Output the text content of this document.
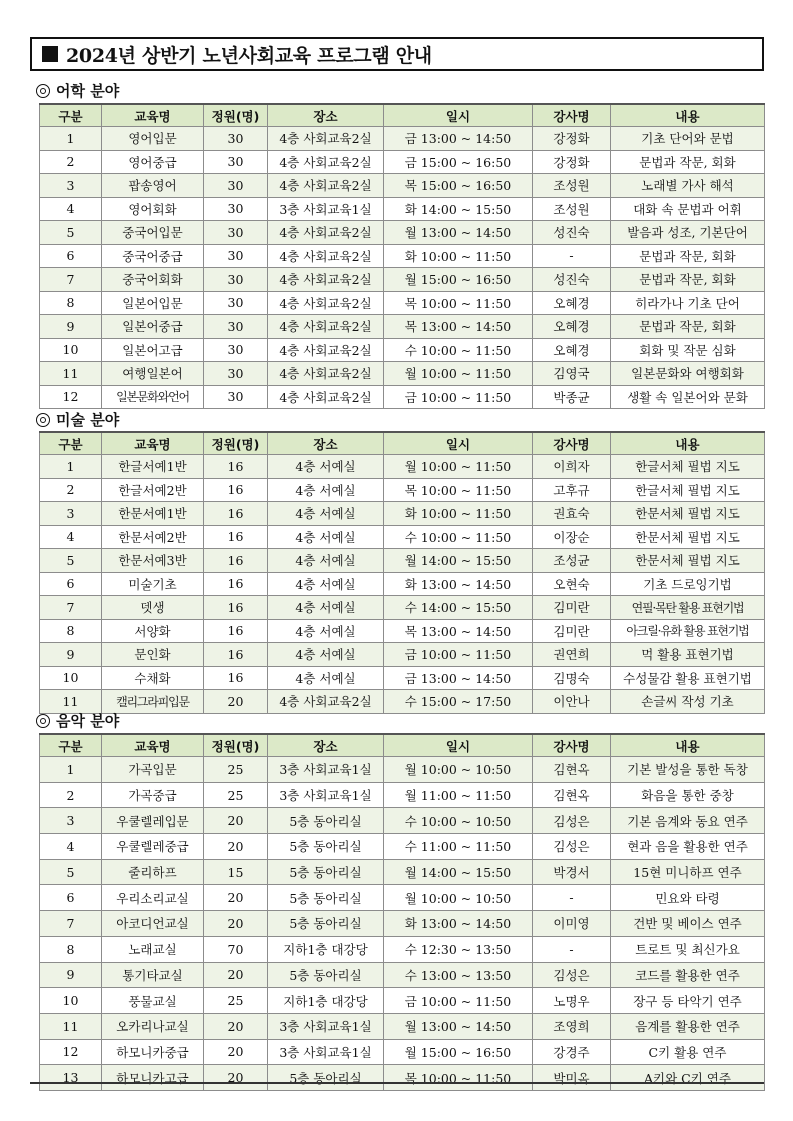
2024년 상반기 노년사회교육 프로그램 안내
어학 분야
구분	교육명	정원(명)	장소	일시	강사명	내용
1	영어입문	30	4층 사회교육2실	금 13:00 ~ 14:50	강정화	기초 단어와 문법
2	영어중급	30	4층 사회교육2실	금 15:00 ~ 16:50	강정화	문법과 작문, 회화
3	팝송영어	30	4층 사회교육2실	목 15:00 ~ 16:50	조성원	노래별 가사 해석
4	영어회화	30	3층 사회교육1실	화 14:00 ~ 15:50	조성원	대화 속 문법과 어휘
5	중국어입문	30	4층 사회교육2실	월 13:00 ~ 14:50	성진숙	발음과 성조, 기본단어
6	중국어중급	30	4층 사회교육2실	화 10:00 ~ 11:50	-	문법과 작문, 회화
7	중국어회화	30	4층 사회교육2실	월 15:00 ~ 16:50	성진숙	문법과 작문, 회화
8	일본어입문	30	4층 사회교육2실	목 10:00 ~ 11:50	오혜경	히라가나 기초 단어
9	일본어중급	30	4층 사회교육2실	목 13:00 ~ 14:50	오혜경	문법과 작문, 회화
10	일본어고급	30	4층 사회교육2실	수 10:00 ~ 11:50	오혜경	회화 및 작문 심화
11	여행일본어	30	4층 사회교육2실	월 10:00 ~ 11:50	김영국	일본문화와 여행회화
12	일본문화와언어	30	4층 사회교육2실	금 10:00 ~ 11:50	박종균	생활 속 일본어와 문화
미술 분야
구분	교육명	정원(명)	장소	일시	강사명	내용
1	한글서예1반	16	4층 서예실	월 10:00 ~ 11:50	이희자	한글서체 필법 지도
2	한글서예2반	16	4층 서예실	목 10:00 ~ 11:50	고후규	한글서체 필법 지도
3	한문서예1반	16	4층 서예실	화 10:00 ~ 11:50	권효숙	한문서체 필법 지도
4	한문서예2반	16	4층 서예실	수 10:00 ~ 11:50	이장순	한문서체 필법 지도
5	한문서예3반	16	4층 서예실	월 14:00 ~ 15:50	조성균	한문서체 필법 지도
6	미술기초	16	4층 서예실	화 13:00 ~ 14:50	오현숙	기초 드로잉기법
7	뎃생	16	4층 서예실	수 14:00 ~ 15:50	김미란	연필·목탄 활용 표현기법
8	서양화	16	4층 서예실	목 13:00 ~ 14:50	김미란	아크릴·유화 활용 표현기법
9	문인화	16	4층 서예실	금 10:00 ~ 11:50	권연희	먹 활용 표현기법
10	수채화	16	4층 서예실	금 13:00 ~ 14:50	김명숙	수성물감 활용 표현기법
11	캘리그라피입문	20	4층 사회교육2실	수 15:00 ~ 17:50	이안나	손글씨 작성 기초
음악 분야
구분	교육명	정원(명)	장소	일시	강사명	내용
1	가곡입문	25	3층 사회교육1실	월 10:00 ~ 10:50	김현옥	기본 발성을 통한 독창
2	가곡중급	25	3층 사회교육1실	월 11:00 ~ 11:50	김현옥	화음을 통한 중창
3	우쿨렐레입문	20	5층 동아리실	수 10:00 ~ 10:50	김성은	기본 음계와 동요 연주
4	우쿨렐레중급	20	5층 동아리실	수 11:00 ~ 11:50	김성은	현과 음을 활용한 연주
5	줄리하프	15	5층 동아리실	월 14:00 ~ 15:50	박경서	15현 미니하프 연주
6	우리소리교실	20	5층 동아리실	월 10:00 ~ 10:50	-	민요와 타령
7	아코디언교실	20	5층 동아리실	화 13:00 ~ 14:50	이미영	건반 및 베이스 연주
8	노래교실	70	지하1층 대강당	수 12:30 ~ 13:50	-	트로트 및 최신가요
9	통기타교실	20	5층 동아리실	수 13:00 ~ 13:50	김성은	코드를 활용한 연주
10	풍물교실	25	지하1층 대강당	금 10:00 ~ 11:50	노명우	장구 등 타악기 연주
11	오카리나교실	20	3층 사회교육1실	월 13:00 ~ 14:50	조영희	음계를 활용한 연주
12	하모니카중급	20	3층 사회교육1실	월 15:00 ~ 16:50	강경주	C키 활용 연주
13	하모니카고급	20	5층 동아리실	목 10:00 ~ 11:50	박미옥	A키와 C키 연주
